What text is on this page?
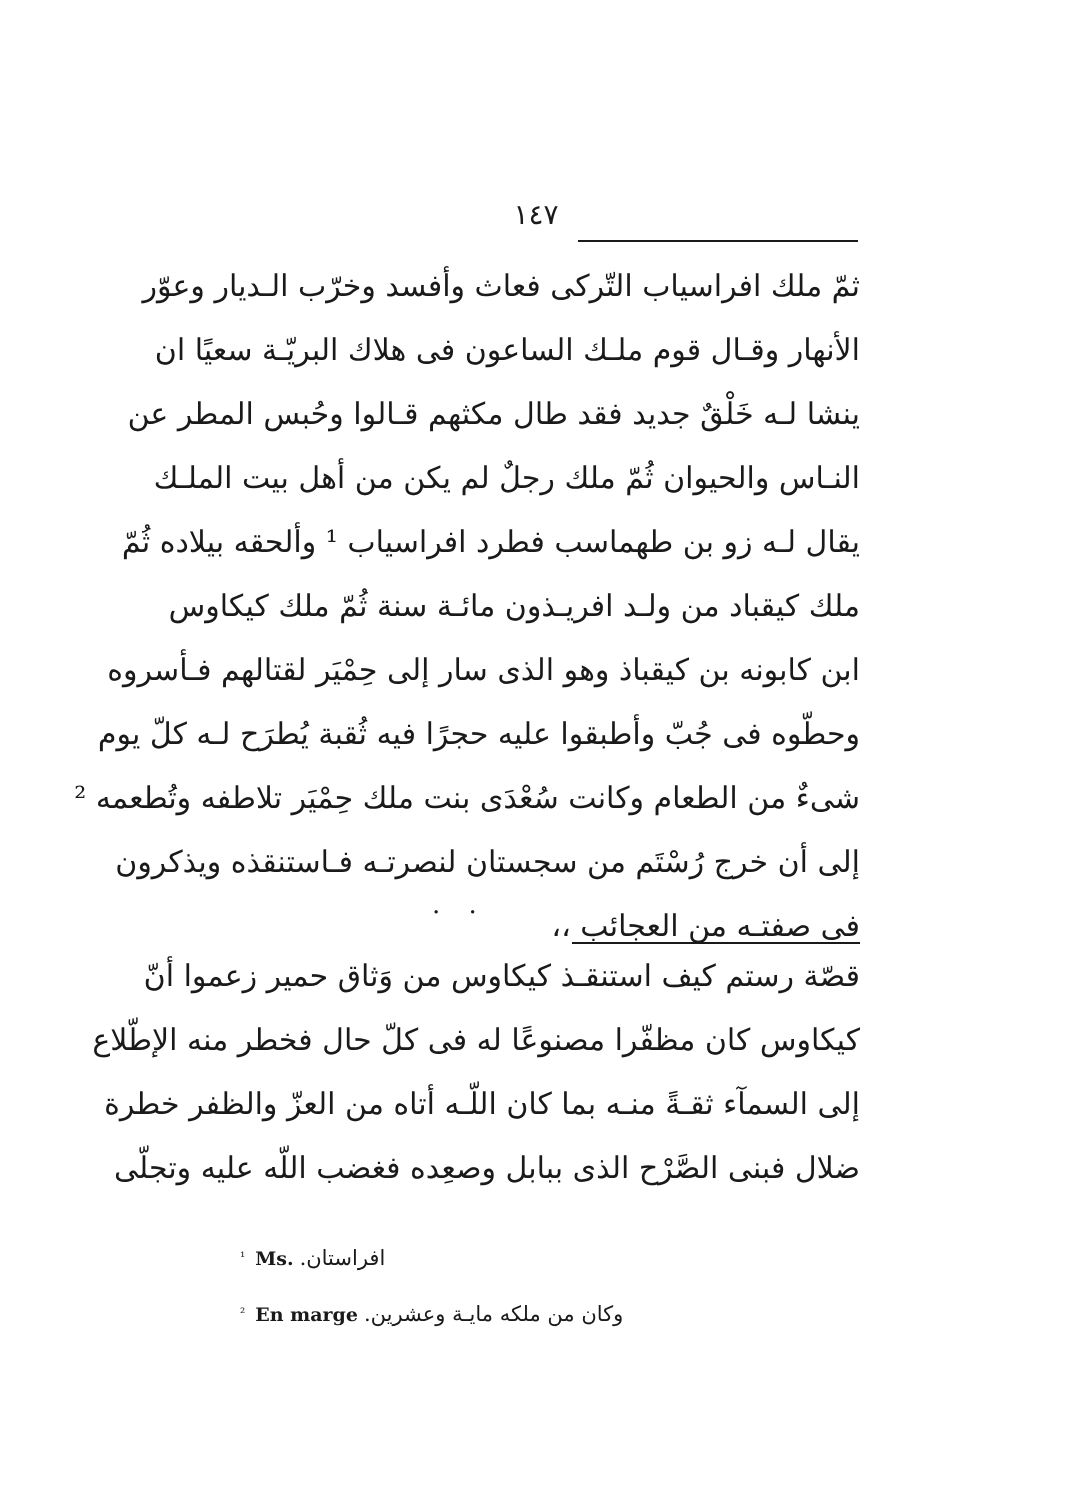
١٤٧
ثمّ ملك افراسياب التّركى فعاث وأفسد وخرّب الـديار وعوّر
الأنهار وقـال قوم ملـك الساعون فى هلاك البريّـة سعيًا ان
ينشا لـه خَلْقٌ جديد فقد طال مكثهم قـالوا وحُبس المطر عن
النـاس والحيوان ثُمّ ملك رجلٌ لم يكن من أهل بيت الملـك
يقال لـه زو بن طهماسب فطرد افراسياب ¹ وألحقه بيلاده ثُمّ
ملك كيقباد من ولـد افريـذون مائـة سنة ثُمّ ملك كيكاوس
ابن كابونه بن كيقباذ وهو الذى سار إلى حِمْيَر لقتالهم فـأسروه
وحطّوه فى جُبّ وأطبقوا عليه حجرًا فيه ثُقبة يُطرَح لـه كلّ يوم
شىءٌ من الطعام وكانت سُعْدَى بنت ملك حِمْيَر تلاطفه وتُطعمه ²
إلى أن خرج رُسْتَم من سجستان لنصرتـه فـاستنقذه ويذكرون
فى صفتـه من العجائب ،،
. .
قصّة رستم كيف استنقـذ كيكاوس من وَثاق حمير زعموا أنّ
كيكاوس كان مظفّرا مصنوعًا له فى كلّ حال فخطر منه الإطّلاع
إلى السمآء ثقـةً منـه بما كان اللّـه أتاه من العزّ والظفر خطرة
ضلال فبنى الصَّرْح الذى ببابل وصعِده فغضب اللّه عليه وتجلّى
¹ Ms. افراستان.
² En marge وكان من ملكه مايـة وعشرين.
